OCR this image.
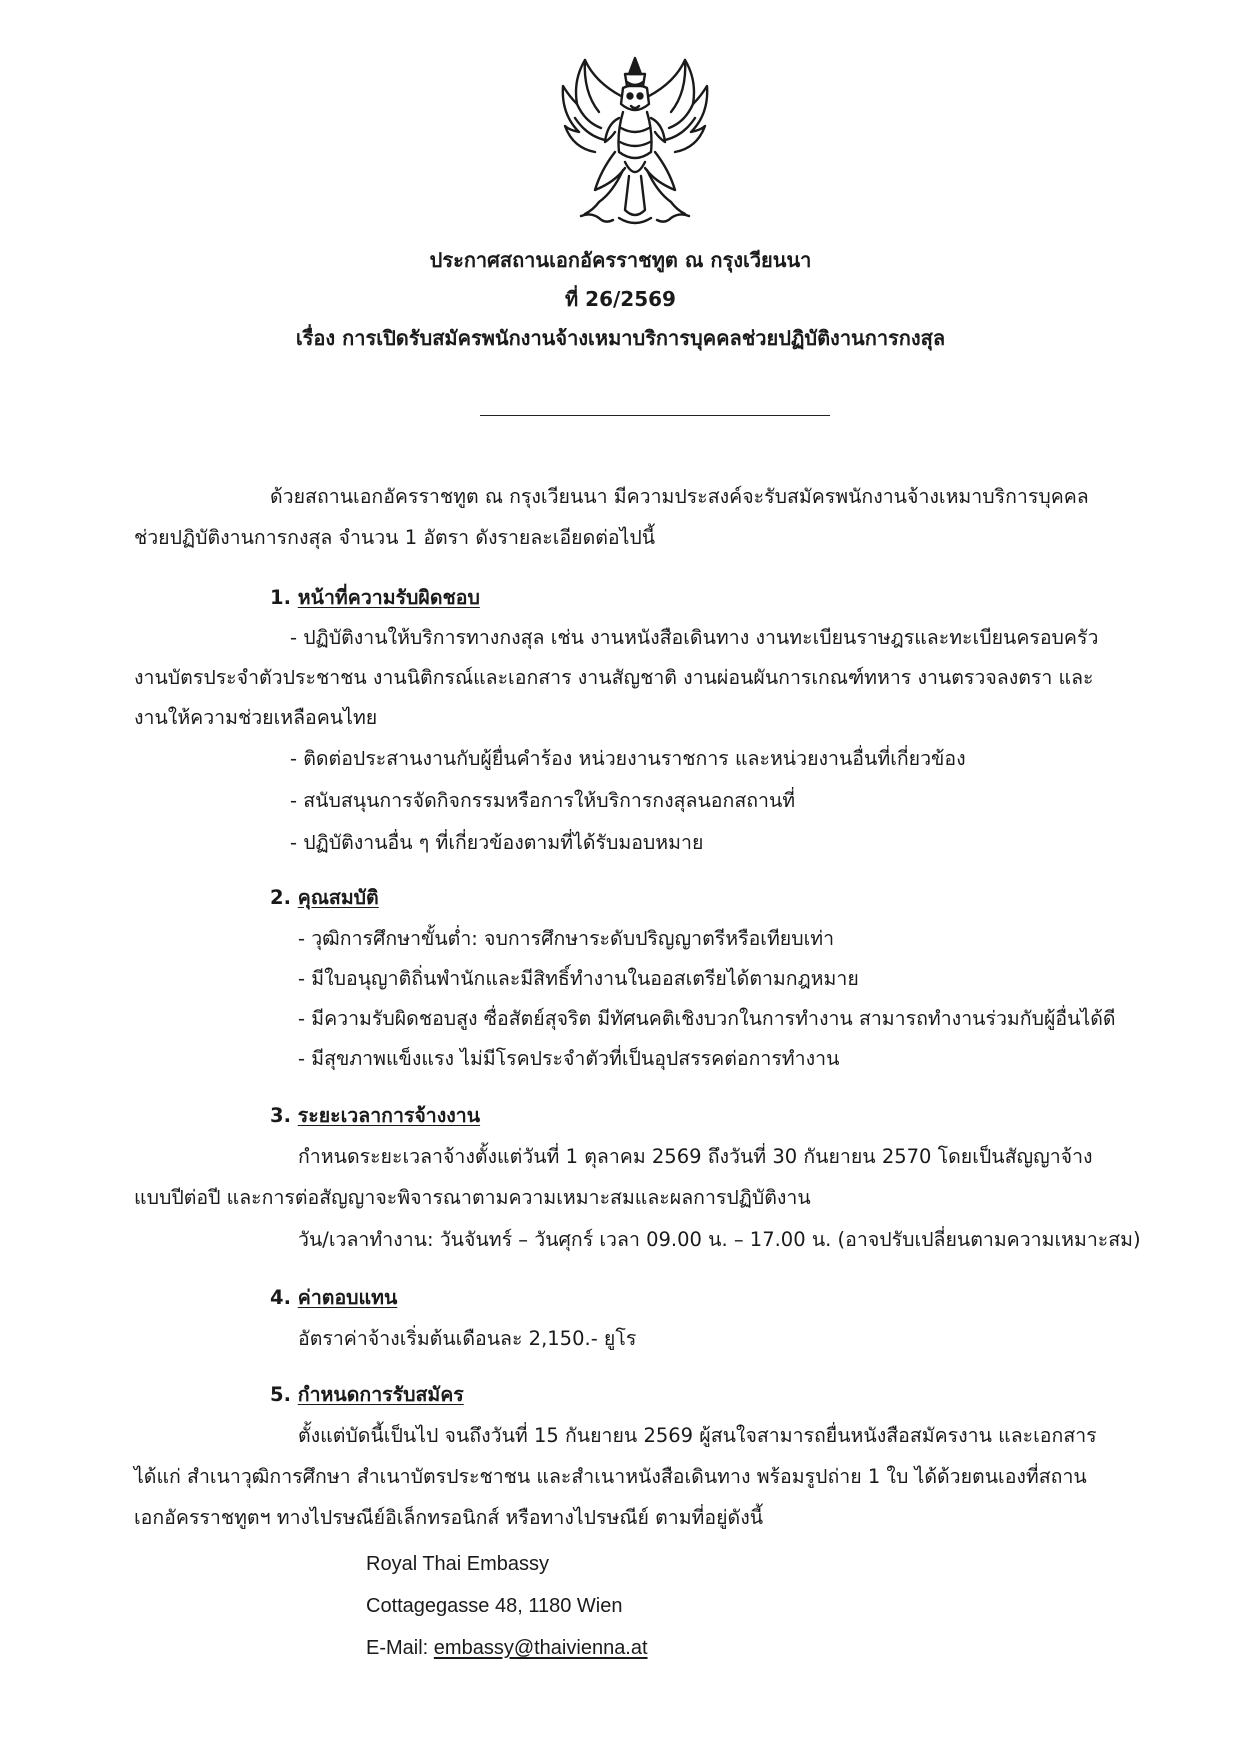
ประกาศสถานเอกอัครราชทูต ณ กรุงเวียนนา
ที่ 26/2569
เรื่อง การเปิดรับสมัครพนักงานจ้างเหมาบริการบุคคลช่วยปฏิบัติงานการกงสุล
ด้วยสถานเอกอัครราชทูต ณ กรุงเวียนนา มีความประสงค์จะรับสมัครพนักงานจ้างเหมาบริการบุคคล
ช่วยปฏิบัติงานการกงสุล จำนวน 1 อัตรา ดังรายละเอียดต่อไปนี้
1. หน้าที่ความรับผิดชอบ
- ปฏิบัติงานให้บริการทางกงสุล เช่น งานหนังสือเดินทาง งานทะเบียนราษฎรและทะเบียนครอบครัว
งานบัตรประจำตัวประชาชน งานนิติกรณ์และเอกสาร งานสัญชาติ งานผ่อนผันการเกณฑ์ทหาร งานตรวจลงตรา และ
งานให้ความช่วยเหลือคนไทย
- ติดต่อประสานงานกับผู้ยื่นคำร้อง หน่วยงานราชการ และหน่วยงานอื่นที่เกี่ยวข้อง
- สนับสนุนการจัดกิจกรรมหรือการให้บริการกงสุลนอกสถานที่
- ปฏิบัติงานอื่น ๆ ที่เกี่ยวข้องตามที่ได้รับมอบหมาย
2. คุณสมบัติ
- วุฒิการศึกษาขั้นต่ำ: จบการศึกษาระดับปริญญาตรีหรือเทียบเท่า
- มีใบอนุญาติถิ่นพำนักและมีสิทธิ์ทำงานในออสเตรียได้ตามกฎหมาย
- มีความรับผิดชอบสูง ซื่อสัตย์สุจริต มีทัศนคติเชิงบวกในการทำงาน สามารถทำงานร่วมกับผู้อื่นได้ดี
- มีสุขภาพแข็งแรง ไม่มีโรคประจำตัวที่เป็นอุปสรรคต่อการทำงาน
3. ระยะเวลาการจ้างงาน
กำหนดระยะเวลาจ้างตั้งแต่วันที่ 1 ตุลาคม 2569 ถึงวันที่ 30 กันยายน 2570 โดยเป็นสัญญาจ้าง
แบบปีต่อปี และการต่อสัญญาจะพิจารณาตามความเหมาะสมและผลการปฏิบัติงาน
วัน/เวลาทำงาน: วันจันทร์ – วันศุกร์ เวลา 09.00 น. – 17.00 น. (อาจปรับเปลี่ยนตามความเหมาะสม)
4. ค่าตอบแทน
อัตราค่าจ้างเริ่มต้นเดือนละ 2,150.- ยูโร
5. กำหนดการรับสมัคร
ตั้งแต่บัดนี้เป็นไป จนถึงวันที่ 15 กันยายน 2569 ผู้สนใจสามารถยื่นหนังสือสมัครงาน และเอกสาร
ได้แก่ สำเนาวุฒิการศึกษา สำเนาบัตรประชาชน และสำเนาหนังสือเดินทาง พร้อมรูปถ่าย 1 ใบ ได้ด้วยตนเองที่สถาน
เอกอัครราชทูตฯ ทางไปรษณีย์อิเล็กทรอนิกส์ หรือทางไปรษณีย์ ตามที่อยู่ดังนี้
Royal Thai Embassy
Cottagegasse 48, 1180 Wien
E-Mail: embassy@thaivienna.at
